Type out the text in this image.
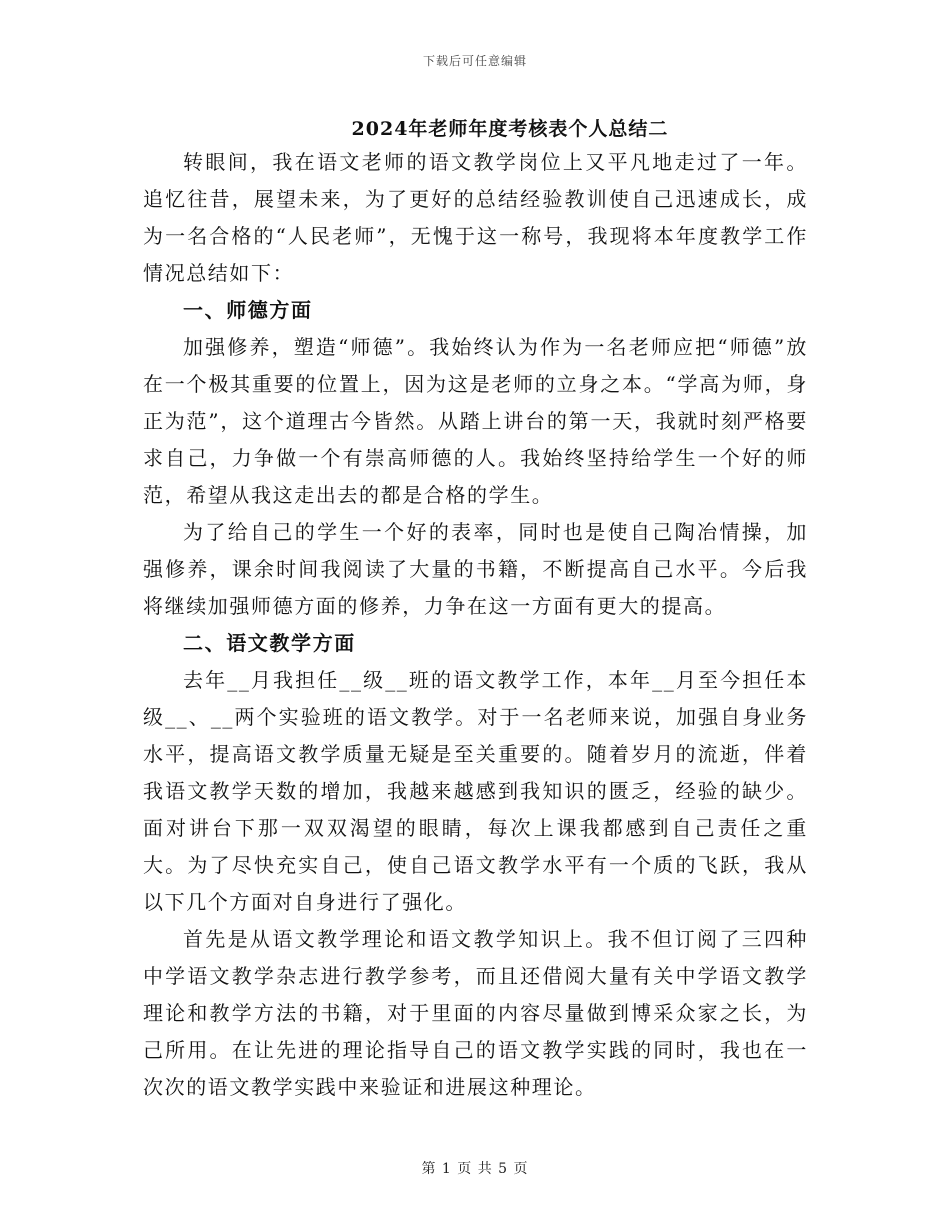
下载后可任意编辑
2024年老师年度考核表个人总结二

转眼间，我在语文老师的语文教学岗位上又平凡地走过了一年。追忆往昔，展望未来，为了更好的总结经验教训使自己迅速成长，成为一名合格的“人民老师”，无愧于这一称号，我现将本年度教学工作情况总结如下：

一、师德方面

加强修养，塑造“师德”。我始终认为作为一名老师应把“师德”放在一个极其重要的位置上，因为这是老师的立身之本。“学高为师，身正为范”，这个道理古今皆然。从踏上讲台的第一天，我就时刻严格要求自己，力争做一个有崇高师德的人。我始终坚持给学生一个好的师范，希望从我这走出去的都是合格的学生。

为了给自己的学生一个好的表率，同时也是使自己陶冶情操，加强修养，课余时间我阅读了大量的书籍，不断提高自己水平。今后我将继续加强师德方面的修养，力争在这一方面有更大的提高。

二、语文教学方面

去年__月我担任__级__班的语文教学工作，本年__月至今担任本级__、__两个实验班的语文教学。对于一名老师来说，加强自身业务水平，提高语文教学质量无疑是至关重要的。随着岁月的流逝，伴着我语文教学天数的增加，我越来越感到我知识的匮乏，经验的缺少。面对讲台下那一双双渴望的眼睛，每次上课我都感到自己责任之重大。为了尽快充实自己，使自己语文教学水平有一个质的飞跃，我从以下几个方面对自身进行了强化。

首先是从语文教学理论和语文教学知识上。我不但订阅了三四种中学语文教学杂志进行教学参考，而且还借阅大量有关中学语文教学理论和教学方法的书籍，对于里面的内容尽量做到博采众家之长，为己所用。在让先进的理论指导自己的语文教学实践的同时，我也在一次次的语文教学实践中来验证和进展这种理论。

第 1 页 共 5 页
